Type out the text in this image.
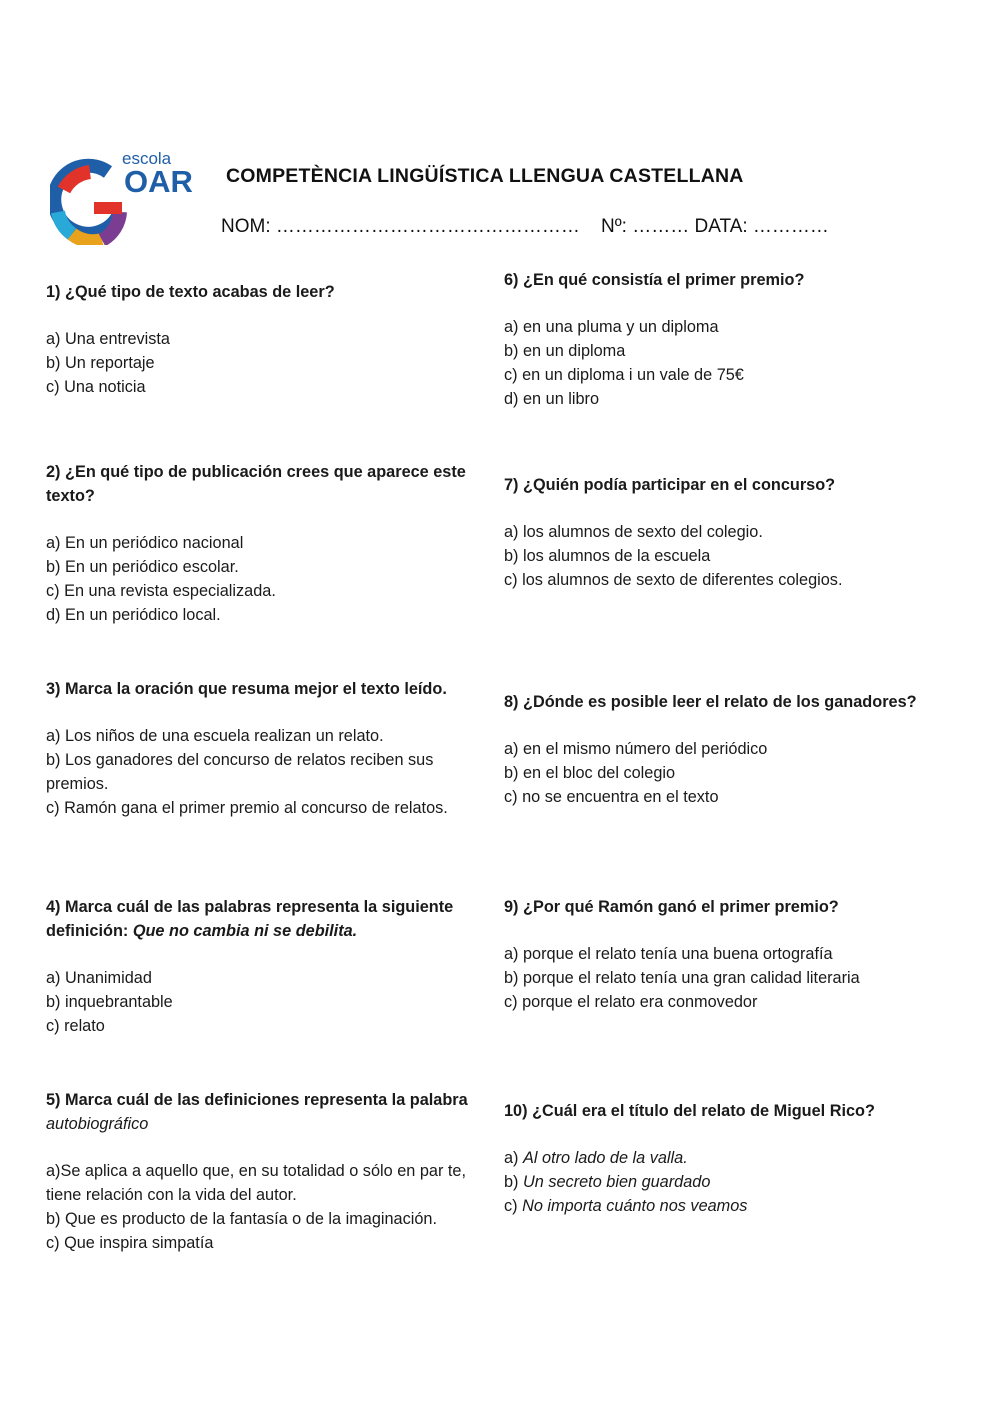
escola
OAR COMPETÈNCIA LINGÜÍSTICA LLENGUA CASTELLANA
NOM: ………………………………………… Nº: ……… DATA: …………
1) ¿Qué tipo de texto acabas de leer?
a) Una entrevista
b) Un reportaje
c) Una noticia
2) ¿En qué tipo de publicación crees que aparece este texto?
a) En un periódico nacional
b) En un periódico escolar.
c) En una revista especializada.
d) En un periódico local.
3) Marca la oración que resuma mejor el texto leído.
a) Los niños de una escuela realizan un relato.
b) Los ganadores del concurso de relatos reciben sus premios.
c) Ramón gana el primer premio al concurso de relatos.
4) Marca cuál de las palabras representa la siguiente definición: Que no cambia ni se debilita.
a) Unanimidad
b) inquebrantable
c) relato
5) Marca cuál de las definiciones representa la palabra autobiográfico
a)Se aplica a aquello que, en su totalidad o sólo en par te, tiene relación con la vida del autor.
b) Que es producto de la fantasía o de la imaginación.
c) Que inspira simpatía
6) ¿En qué consistía el primer premio?
a) en una pluma y un diploma
b) en un diploma
c) en un diploma i un vale de 75€
d) en un libro
7) ¿Quién podía participar en el concurso?
a) los alumnos de sexto del colegio.
b) los alumnos de la escuela
c) los alumnos de sexto de diferentes colegios.
8) ¿Dónde es posible leer el relato de los ganadores?
a) en el mismo número del periódico
b) en el bloc del colegio
c) no se encuentra en el texto
9) ¿Por qué Ramón ganó el primer premio?
a) porque el relato tenía una buena ortografía
b) porque el relato tenía una gran calidad literaria
c) porque el relato era conmovedor
10) ¿Cuál era el título del relato de Miguel Rico?
a) Al otro lado de la valla.
b) Un secreto bien guardado
c) No importa cuánto nos veamos
